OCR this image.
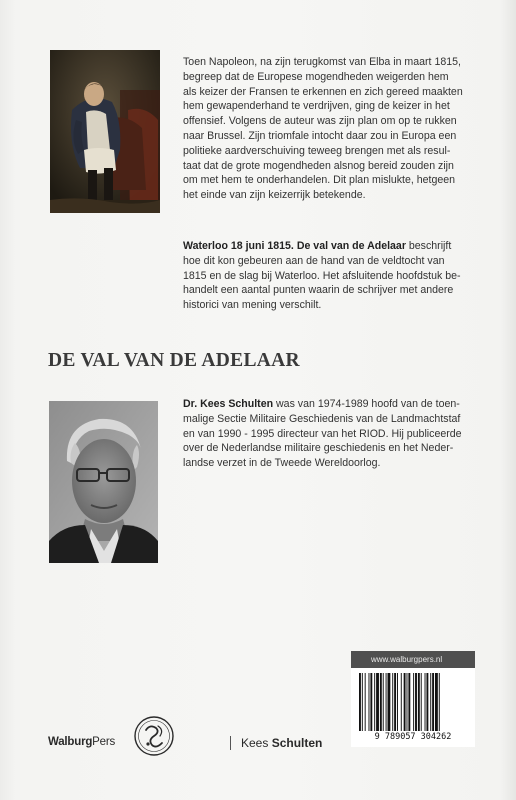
Toen Napoleon, na zijn terugkomst van Elba in maart 1815,
begreep dat de Europese mogendheden weigerden hem
als keizer der Fransen te erkennen en zich gereed maakten
hem gewapenderhand te verdrijven, ging de keizer in het
offensief. Volgens de auteur was zijn plan om op te rukken
naar Brussel. Zijn triomfale intocht daar zou in Europa een
politieke aardverschuiving teweeg brengen met als resul-
taat dat de grote mogendheden alsnog bereid zouden zijn
om met hem te onderhandelen. Dit plan mislukte, hetgeen
het einde van zijn keizerrijk betekende.
Waterloo 18 juni 1815. De val van de Adelaar beschrijft
hoe dit kon gebeuren aan de hand van de veldtocht van
1815 en de slag bij Waterloo. Het afsluitende hoofdstuk be-
handelt een aantal punten waarin de schrijver met andere
historici van mening verschilt.
DE VAL VAN DE ADELAAR
Dr. Kees Schulten was van 1974-1989 hoofd van de toen-
malige Sectie Militaire Geschiedenis van de Landmachtstaf
en van 1990 - 1995 directeur van het RIOD. Hij publiceerde
over de Nederlandse militaire geschiedenis en het Neder-
landse verzet in de Tweede Wereldoorlog.
WalburgPers	Kees Schulten
www.walburgpers.nl
9 789057 304262
